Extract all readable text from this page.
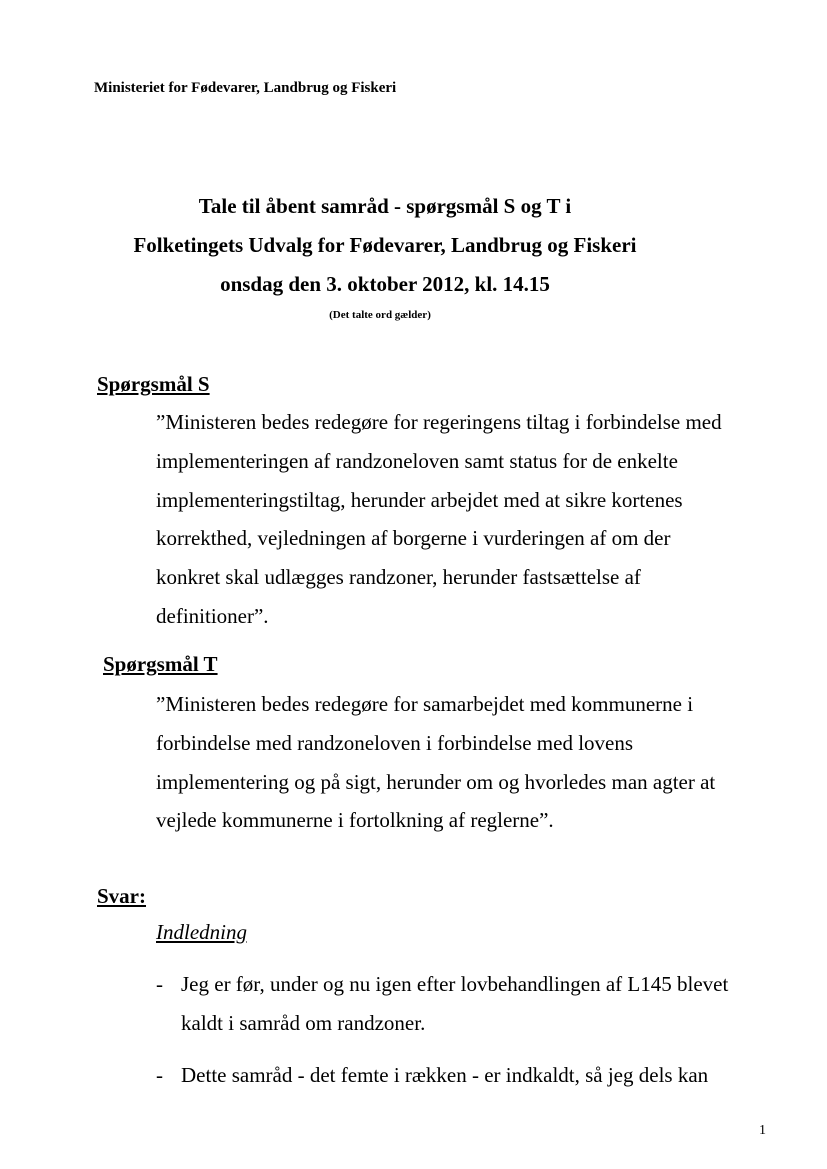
Ministeriet for Fødevarer, Landbrug og Fiskeri
Tale til åbent samråd - spørgsmål S og T i
Folketingets Udvalg for Fødevarer, Landbrug og Fiskeri
onsdag den 3. oktober 2012, kl. 14.15
(Det talte ord gælder)
Spørgsmål S
”Ministeren bedes redegøre for regeringens tiltag i forbindelse med
implementeringen af randzoneloven samt status for de enkelte
implementeringstiltag, herunder arbejdet med at sikre kortenes
korrekthed, vejledningen af borgerne i vurderingen af om der
konkret skal udlægges randzoner, herunder fastsættelse af
definitioner”.
Spørgsmål T
”Ministeren bedes redegøre for samarbejdet med kommunerne i
forbindelse med randzoneloven i forbindelse med lovens
implementering og på sigt, herunder om og hvorledes man agter at
vejlede kommunerne i fortolkning af reglerne”.
Svar:
Indledning
- Jeg er før, under og nu igen efter lovbehandlingen af L145 blevet
kaldt i samråd om randzoner.
- Dette samråd - det femte i rækken - er indkaldt, så jeg dels kan
1
